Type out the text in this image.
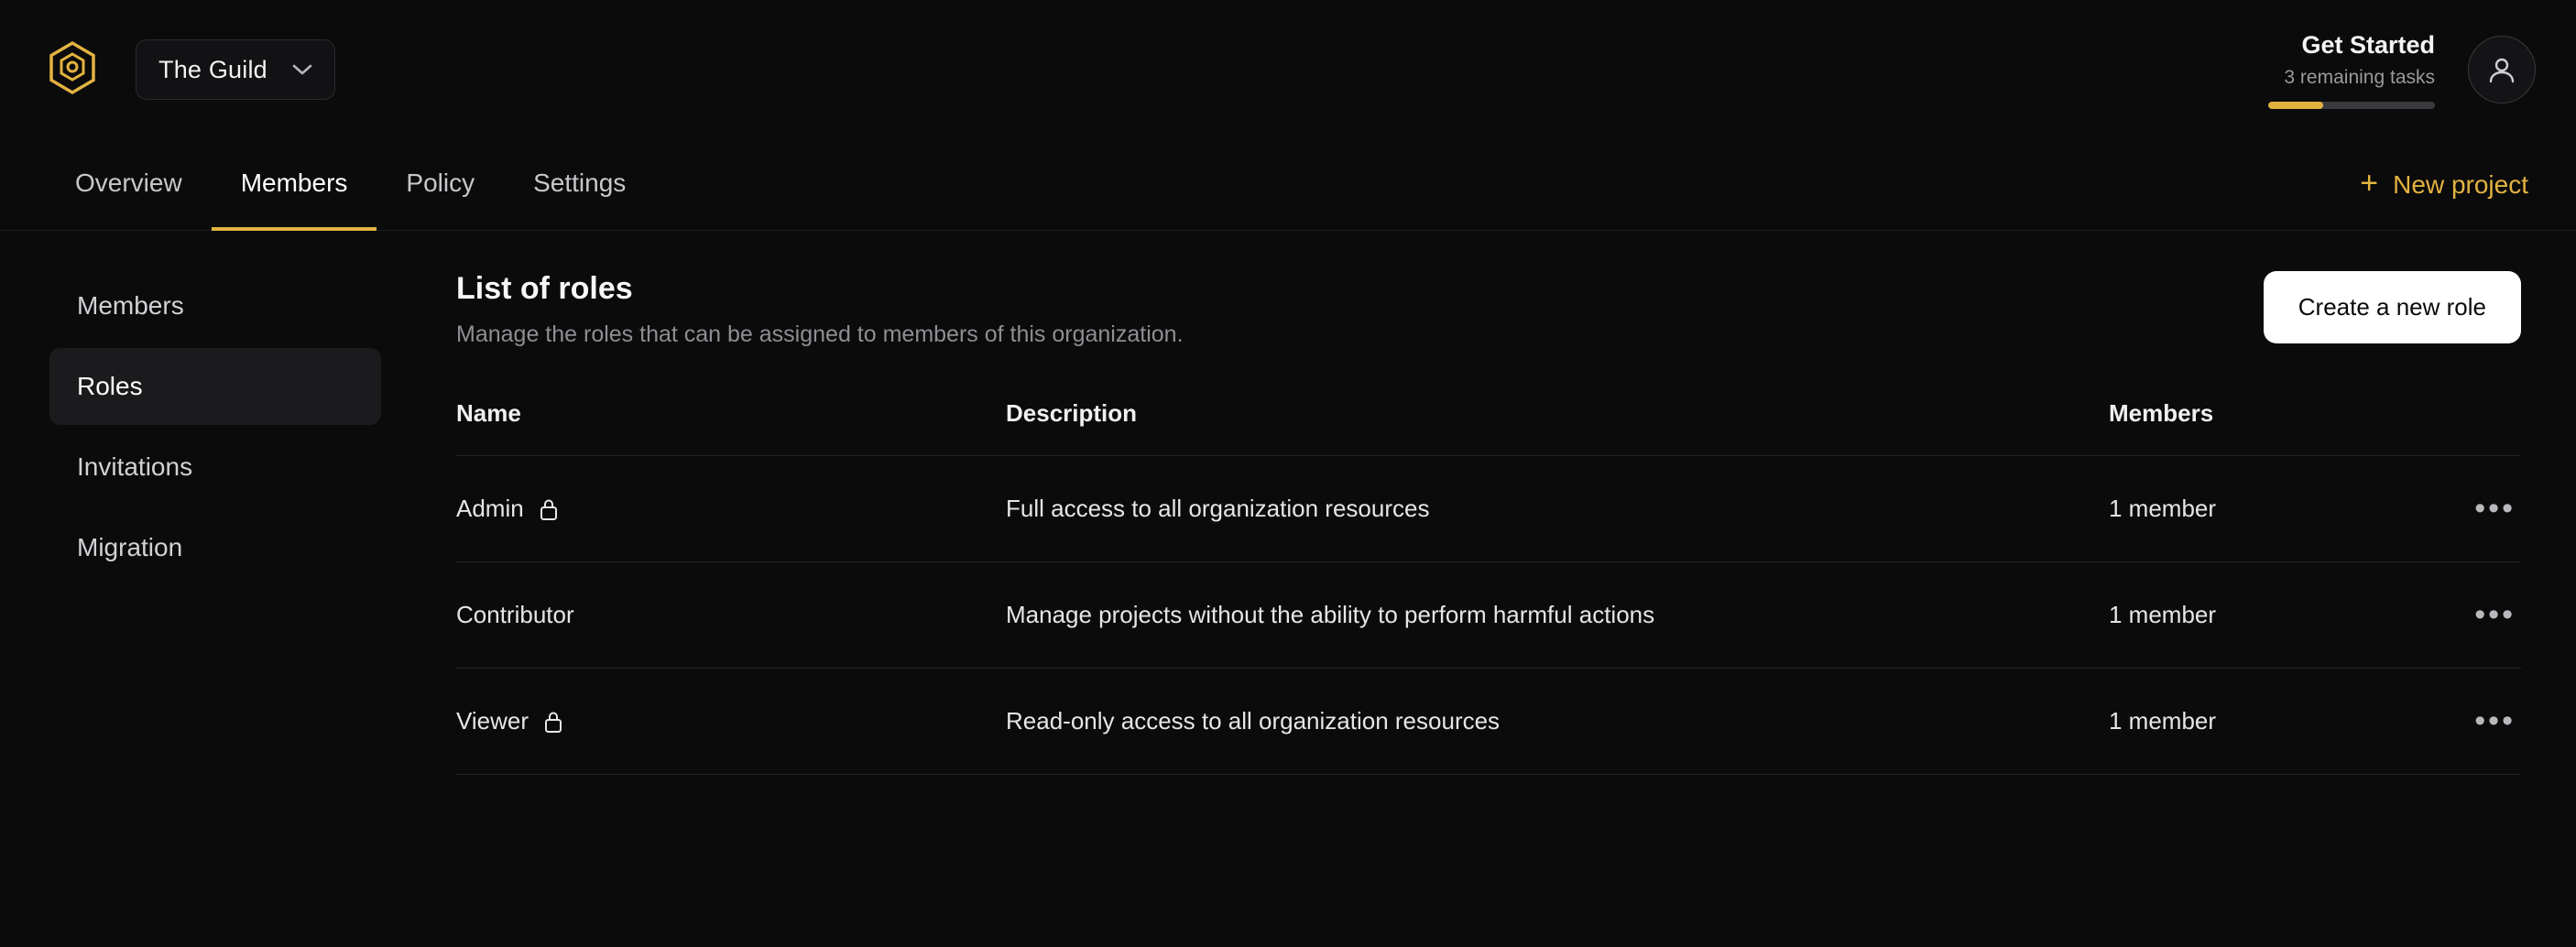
The Guild
Get Started
3 remaining tasks
Overview	Members	Policy	Settings	+ New project
Members
Roles
Invitations
Migration
List of roles
Manage the roles that can be assigned to members of this organization.
Create a new role
Name	Description	Members	

Admin	Full access to all organization resources	1 member	•••

Contributor	Manage projects without the ability to perform harmful actions	1 member	•••

Viewer	Read-only access to all organization resources	1 member	•••
